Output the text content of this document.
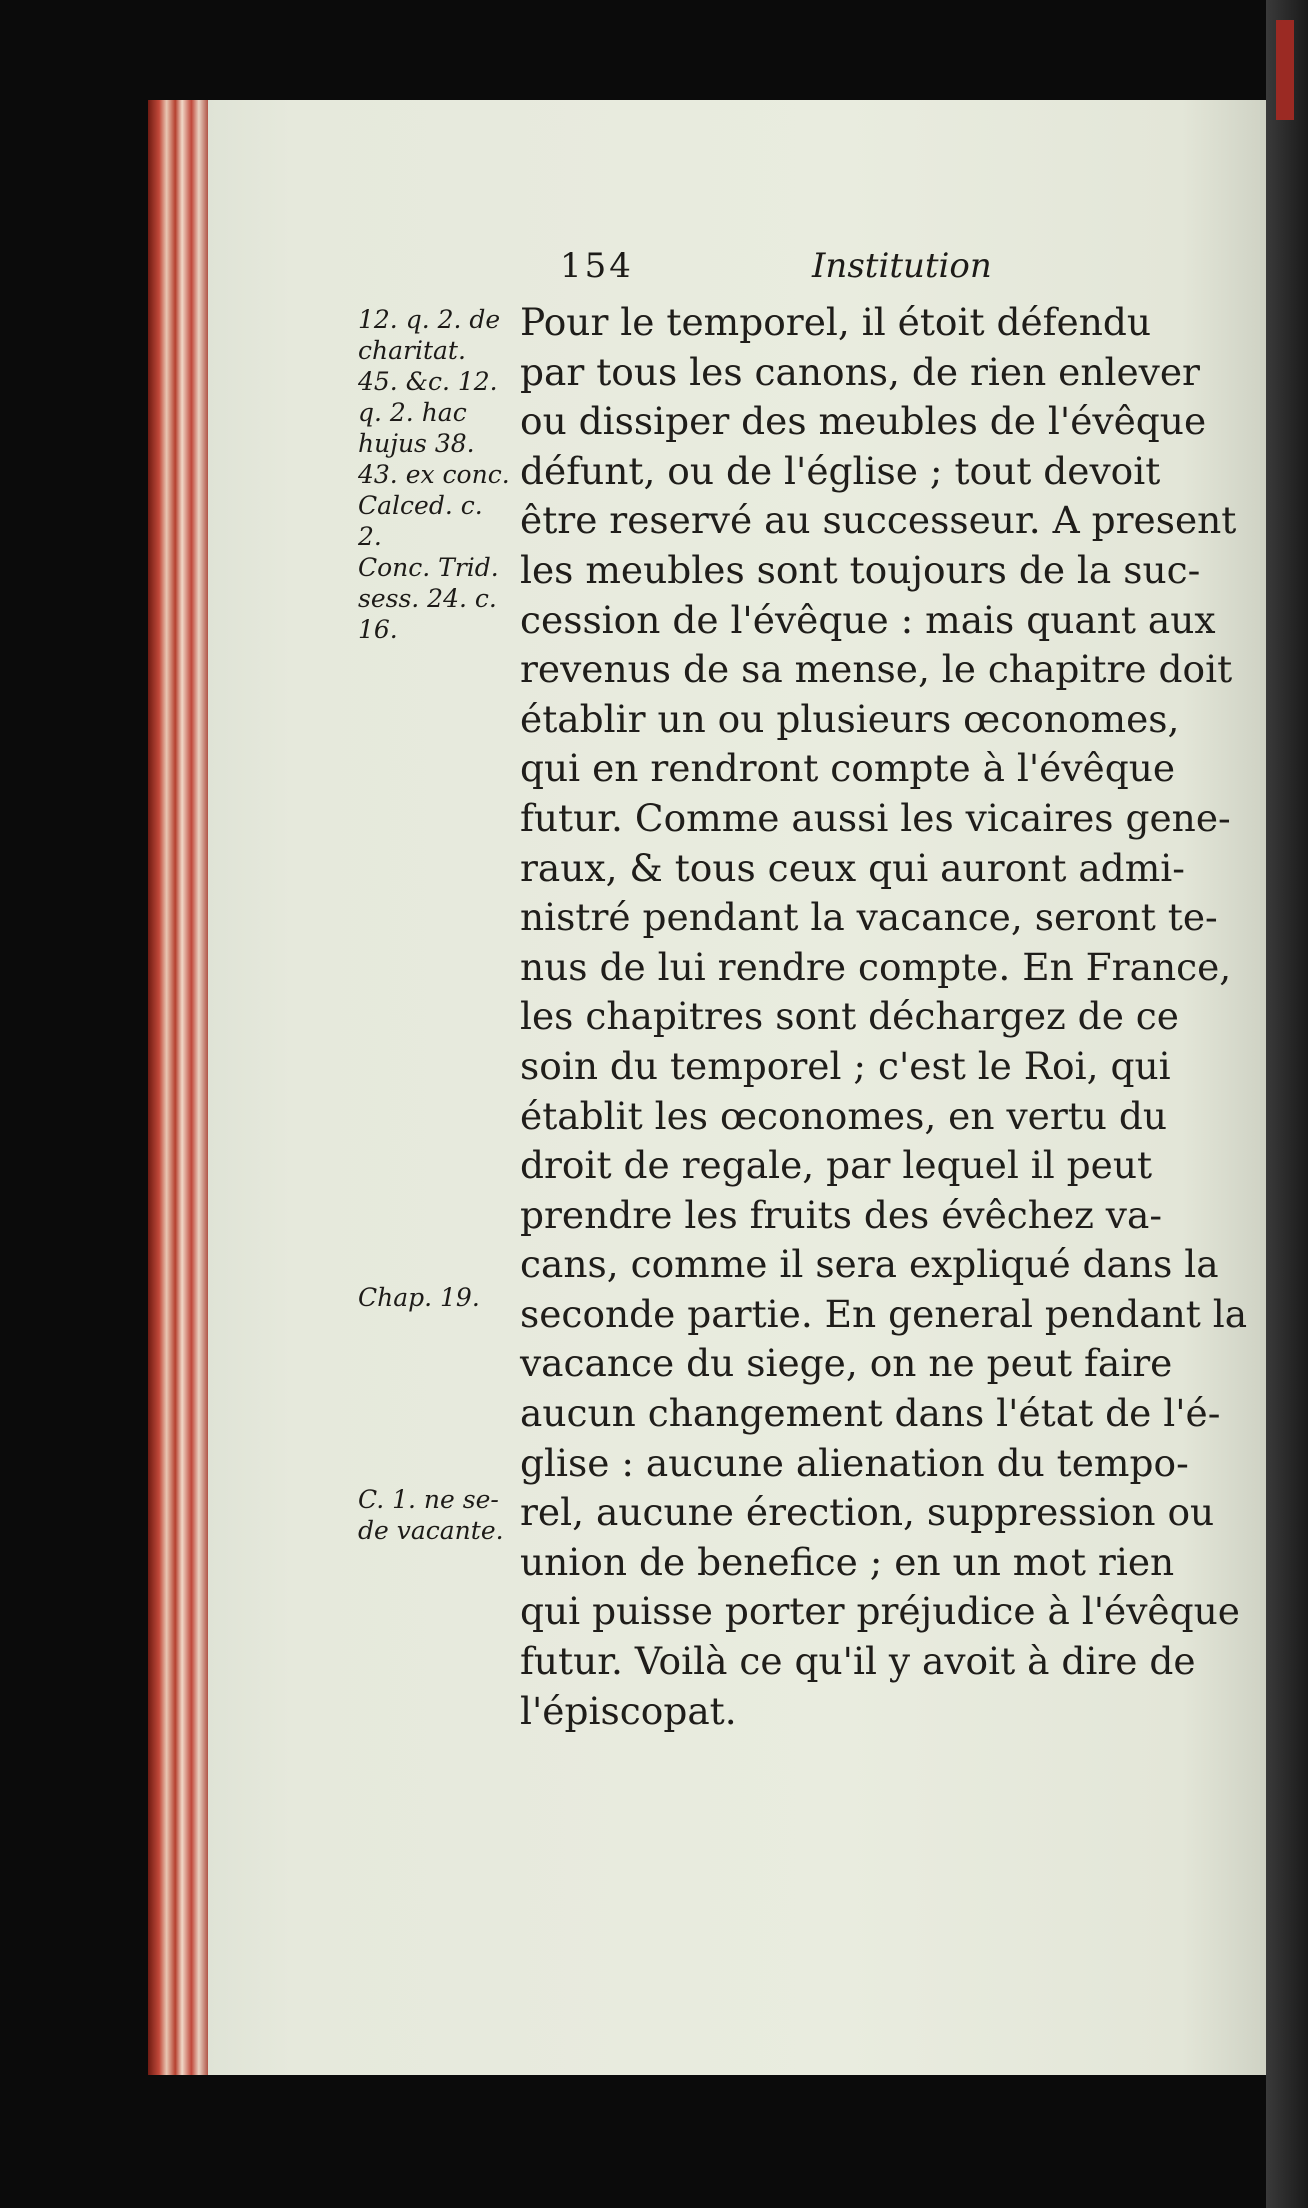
154	Institution
Pour le temporel, il étoit défendu
par tous les canons, de rien enlever
ou dissiper des meubles de l'évêque
défunt, ou de l'église ; tout devoit
être reservé au successeur. A present
les meubles sont toujours de la suc-
cession de l'évêque : mais quant aux
revenus de sa mense, le chapitre doit
établir un ou plusieurs œconomes,
qui en rendront compte à l'évêque
futur. Comme aussi les vicaires gene-
raux, & tous ceux qui auront admi-
nistré pendant la vacance, seront te-
nus de lui rendre compte. En France,
les chapitres sont déchargez de ce
soin du temporel ; c'est le Roi, qui
établit les œconomes, en vertu du
droit de regale, par lequel il peut
prendre les fruits des évêchez va-
cans, comme il sera expliqué dans la
seconde partie. En general pendant la
vacance du siege, on ne peut faire
aucun changement dans l'état de l'é-
glise : aucune alienation du tempo-
rel, aucune érection, suppression ou
union de benefice ; en un mot rien
qui puisse porter préjudice à l'évêque
futur. Voilà ce qu'il y avoit à dire de
l'épiscopat.
12. q. 2. de
charitat.
45. &c. 12.
q. 2. hac
hujus 38.
43. ex conc.
Calced. c.
2.
Conc. Trid.
sess. 24. c.
16.
Chap. 19.
C. 1. ne se-
de vacante.
